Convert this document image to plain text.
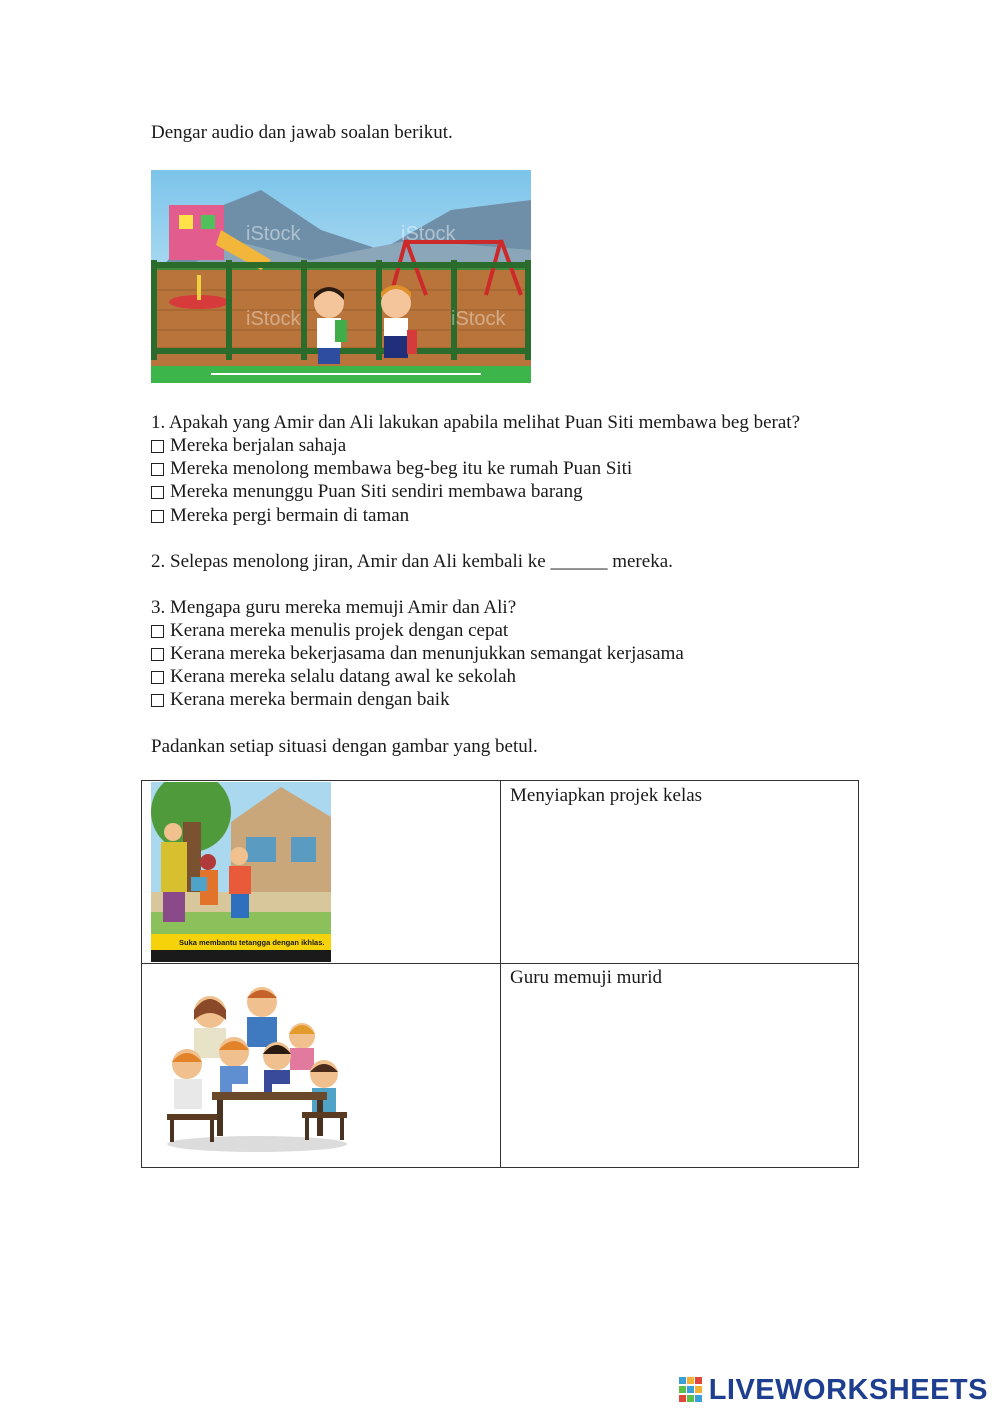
Dengar audio dan jawab soalan berikut.
iStock	iStock
iStock	iStock
1. Apakah yang Amir dan Ali lakukan apabila melihat Puan Siti membawa beg berat?
Mereka berjalan sahaja
Mereka menolong membawa beg-beg itu ke rumah Puan Siti
Mereka menunggu Puan Siti sendiri membawa barang
Mereka pergi bermain di taman
2. Selepas menolong jiran, Amir dan Ali kembali ke ______ mereka.
3. Mengapa guru mereka memuji Amir dan Ali?
Kerana mereka menulis projek dengan cepat
Kerana mereka bekerjasama dan menunjukkan semangat kerjasama
Kerana mereka selalu datang awal ke sekolah
Kerana mereka bermain dengan baik
Padankan setiap situasi dengan gambar yang betul.
Suka membantu tetangga dengan ikhlas.
Menyiapkan projek kelas
Guru memuji murid
LIVEWORKSHEETS
